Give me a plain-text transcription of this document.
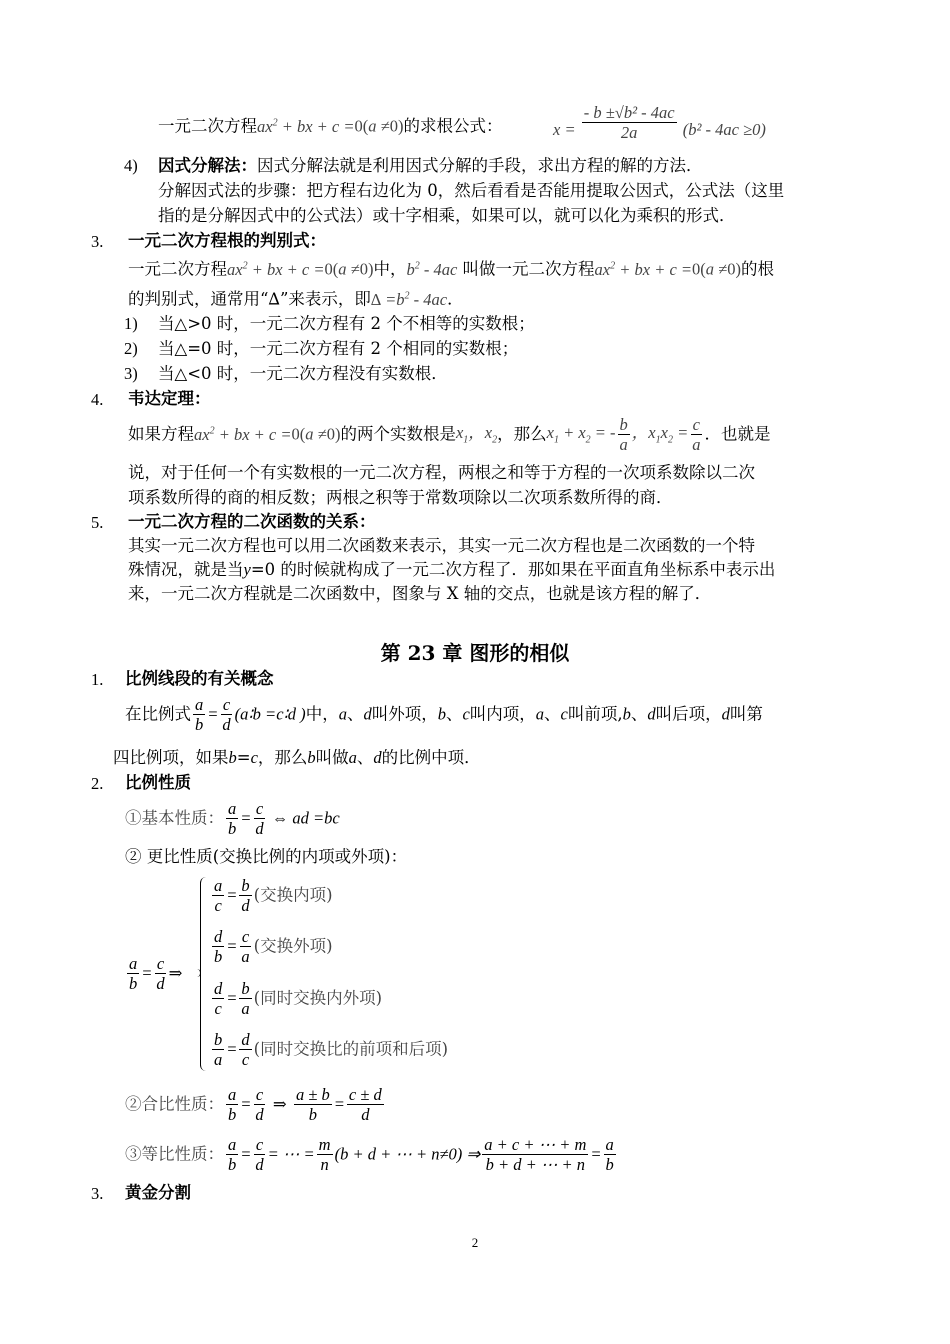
一元二次方程$ax^2$ + bx + c =0(a ≠0)的求根公式：	$x = \frac{\text{- b ±√b² - 4ac}}{2a} (b^2 - 4ac \ge 0)$
4) 因式分解法：因式分解法就是利用因式分解的手段，求出方程的解的方法．
分解因式法的步骤：把方程右边化为 0，然后看看是否能用提取公因式，公式法（这里
指的是分解因式中的公式法）或十字相乘，如果可以，就可以化为乘积的形式．
3. 一元二次方程根的判别式：
一元二次方程$ax^2$ + bx + c =0(a ≠0)中，$b^2 - 4ac$ 叫做一元二次方程$ax^2$ + bx + c =0(a ≠0)的根
的判别式，通常用“∆”来表示，即∆ $=b^2 - 4ac$．
1) 当△>0 时，一元二次方程有 2 个不相等的实数根；
2) 当△=0 时，一元二次方程有 2 个相同的实数根；
3) 当△<0 时，一元二次方程没有实数根．
4. 韦达定理：
如果方程$ax^2$ + bx + c =0(a ≠0)的两个实数根是$x_1$，$x_2$，那么$x_1 + x_2$ = - $\frac{b}{a}$ ，$x_1x_2 = \frac{c}{a}$ ．也就是
说，对于任何一个有实数根的一元二次方程，两根之和等于方程的一次项系数除以二次
项系数所得的商的相反数；两根之积等于常数项除以二次项系数所得的商．
5. 一元二次方程的二次函数的关系：
其实一元二次方程也可以用二次函数来表示，其实一元二次方程也是二次函数的一个特
殊情况，就是当y=0 的时候就构成了一元二次方程了．那如果在平面直角坐标系中表示出
来，一元二次方程就是二次函数中，图象与 X 轴的交点，也就是该方程的解了．
第 23 章 图形的相似
1. 比例线段的有关概念
在比例式 $\frac{a}{b} = \frac{c}{d}$ (a∶b =c∶d )中，a、d叫外项，b、c叫内项，a、c叫前项,b、d叫后项，d叫第
四比例项，如果b=c，那么b叫做a、d的比例中项．
2. 比例性质
①基本性质： $\frac{a}{b} = \frac{c}{d}$ ⇔ ad =bc
② 更比性质(交换比例的内项或外项)：
$\frac{a}{b} = \frac{c}{d}$ ⇒
$\frac{a}{c} = \frac{b}{d}$ (交换内项)
$\frac{d}{b} = \frac{c}{a}$ (交换外项)
$\frac{d}{c} = \frac{b}{a}$ (同时交换内外项)
$\frac{b}{a} = \frac{d}{c}$ (同时交换比的前项和后项)
②合比性质： $\frac{a}{b} = \frac{c}{d}$ ⇒ $\frac{a \pm b}{b} = \frac{c \pm d}{d}$
③等比性质： $\frac{a}{b} = \frac{c}{d}$ = ⋯ = $\frac{m}{n} (b + d$ + ⋯ + n≠0) ⇒ $\frac{a + c + \cdots + m}{b + d + \cdots + n} = \frac{a}{b}$
3. 黄金分割
2
